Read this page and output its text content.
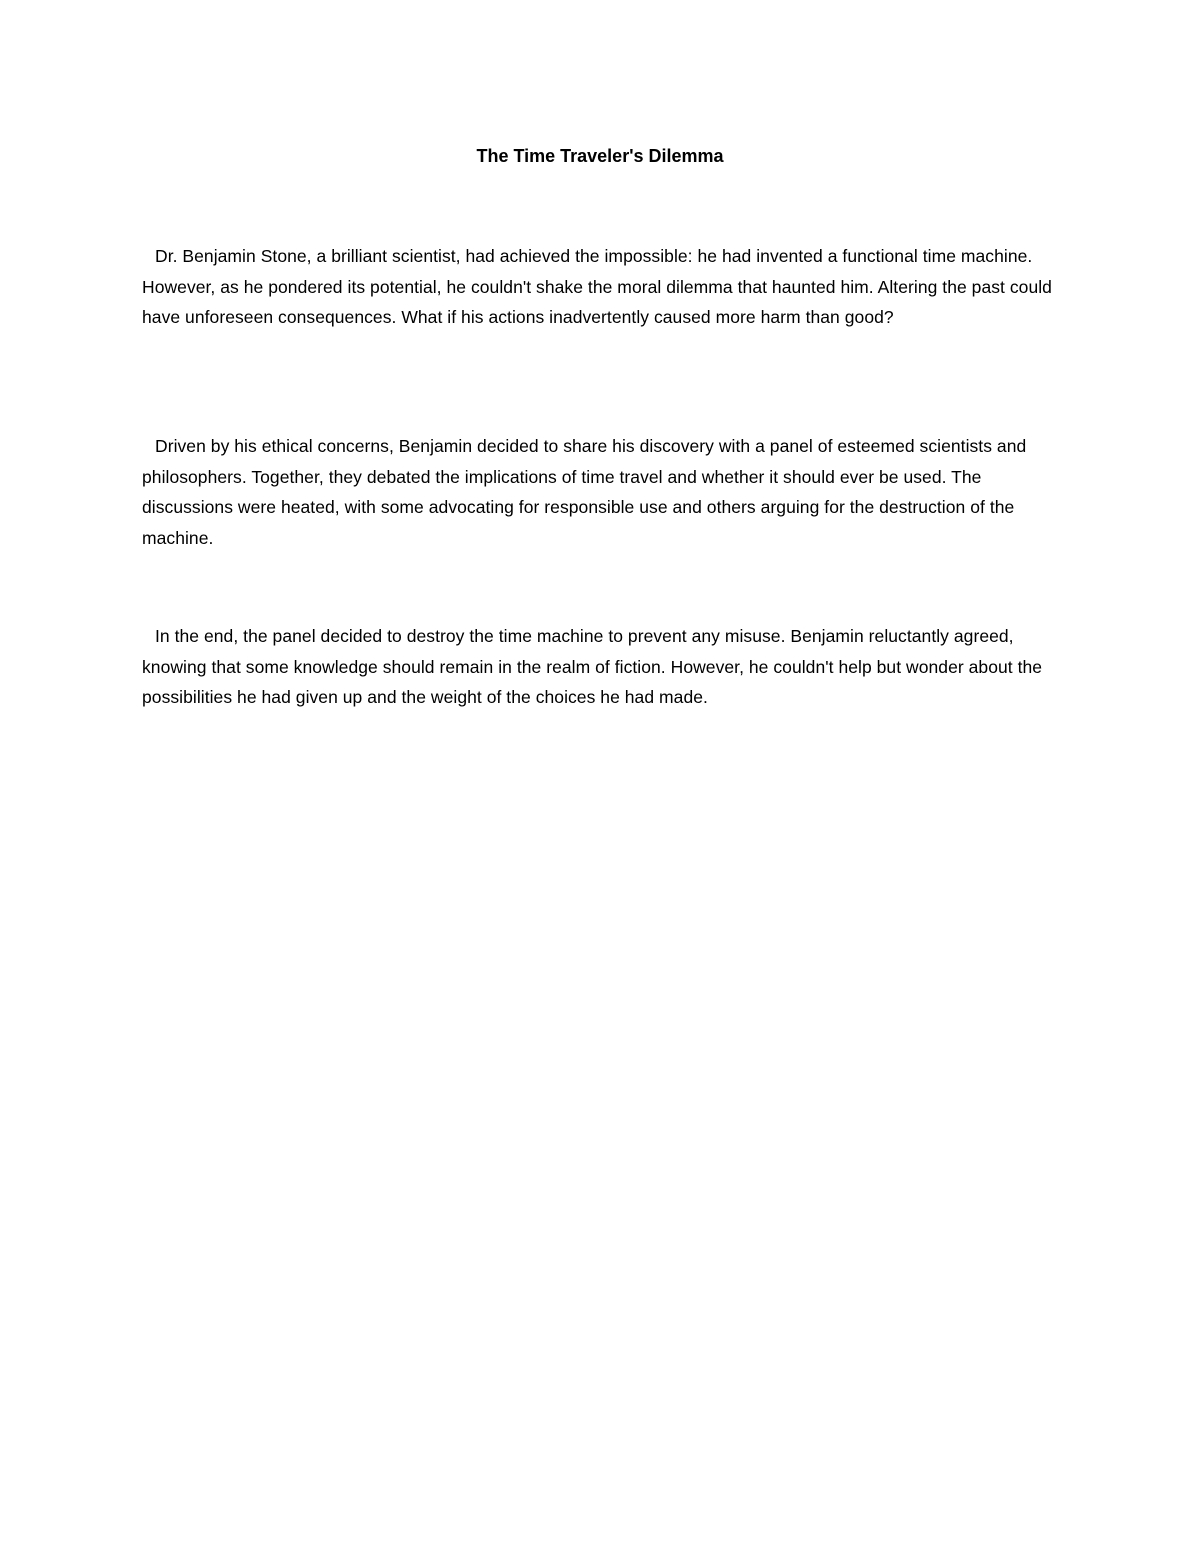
The Time Traveler's Dilemma

Dr. Benjamin Stone, a brilliant scientist, had achieved the impossible: he had invented a functional time machine. However, as he pondered its potential, he couldn't shake the moral dilemma that haunted him. Altering the past could have unforeseen consequences. What if his actions inadvertently caused more harm than good?

Driven by his ethical concerns, Benjamin decided to share his discovery with a panel of esteemed scientists and philosophers. Together, they debated the implications of time travel and whether it should ever be used. The discussions were heated, with some advocating for responsible use and others arguing for the destruction of the machine.

In the end, the panel decided to destroy the time machine to prevent any misuse. Benjamin reluctantly agreed, knowing that some knowledge should remain in the realm of fiction. However, he couldn't help but wonder about the possibilities he had given up and the weight of the choices he had made.
